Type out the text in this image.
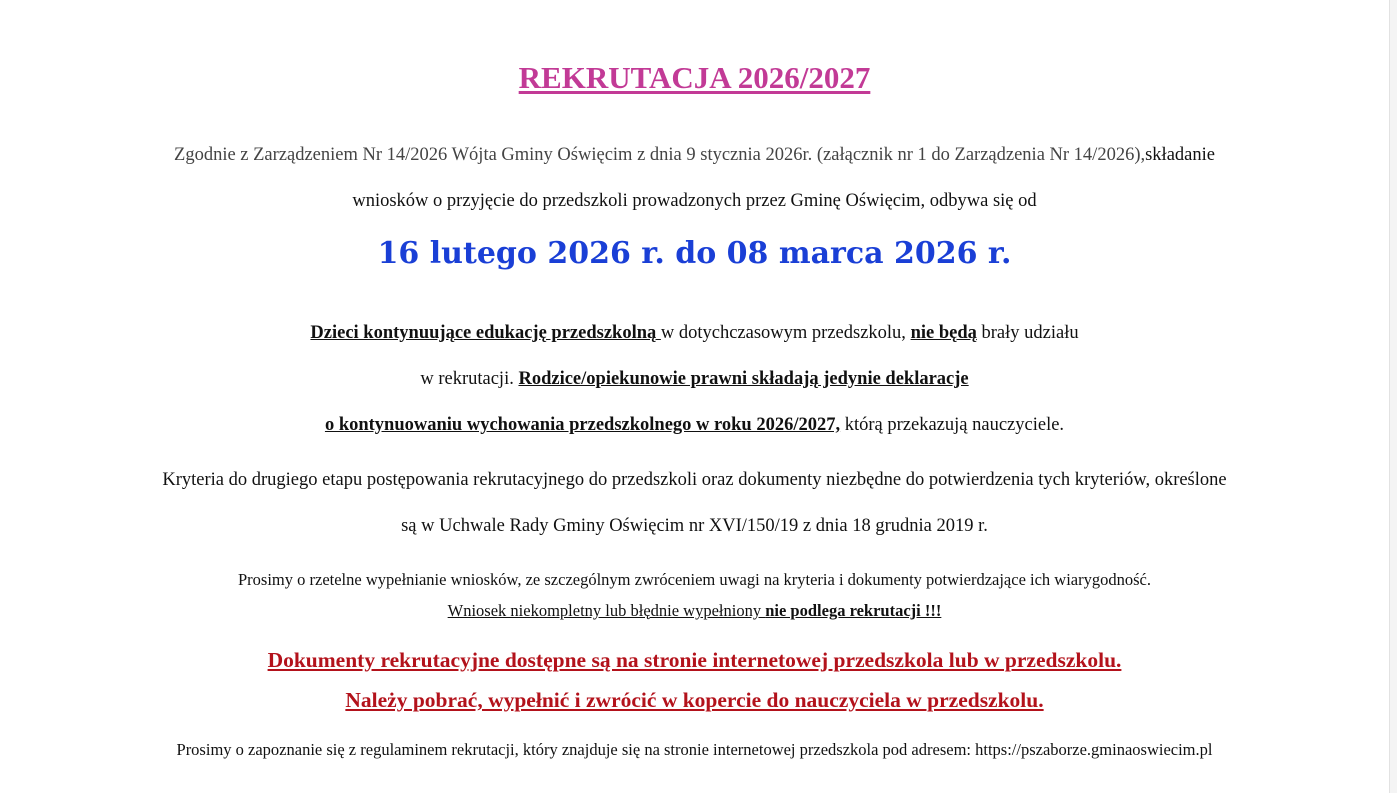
REKRUTACJA 2026/2027
Zgodnie z Zarządzeniem Nr 14/2026 Wójta Gminy Oświęcim z dnia 9 stycznia 2026r. (załącznik nr 1 do Zarządzenia Nr 14/2026),składanie
wniosków o przyjęcie do przedszkoli prowadzonych przez Gminę Oświęcim, odbywa się od
16 lutego 2026 r. do 08 marca 2026 r.
Dzieci kontynuujące edukację przedszkolną w dotychczasowym przedszkolu, nie będą brały udziału
w rekrutacji. Rodzice/opiekunowie prawni składają jedynie deklaracje
o kontynuowaniu wychowania przedszkolnego w roku 2026/2027, którą przekazują nauczyciele.
Kryteria do drugiego etapu postępowania rekrutacyjnego do przedszkoli oraz dokumenty niezbędne do potwierdzenia tych kryteriów, określone
są w Uchwale Rady Gminy Oświęcim nr XVI/150/19 z dnia 18 grudnia 2019 r.
Prosimy o rzetelne wypełnianie wniosków, ze szczególnym zwróceniem uwagi na kryteria i dokumenty potwierdzające ich wiarygodność.
Wniosek niekompletny lub błędnie wypełniony nie podlega rekrutacji !!!
Dokumenty rekrutacyjne dostępne są na stronie internetowej przedszkola lub w przedszkolu.
Należy pobrać, wypełnić i zwrócić w kopercie do nauczyciela w przedszkolu.
Prosimy o zapoznanie się z regulaminem rekrutacji, który znajduje się na stronie internetowej przedszkola pod adresem: https://pszaborze.gminaoswiecim.pl
